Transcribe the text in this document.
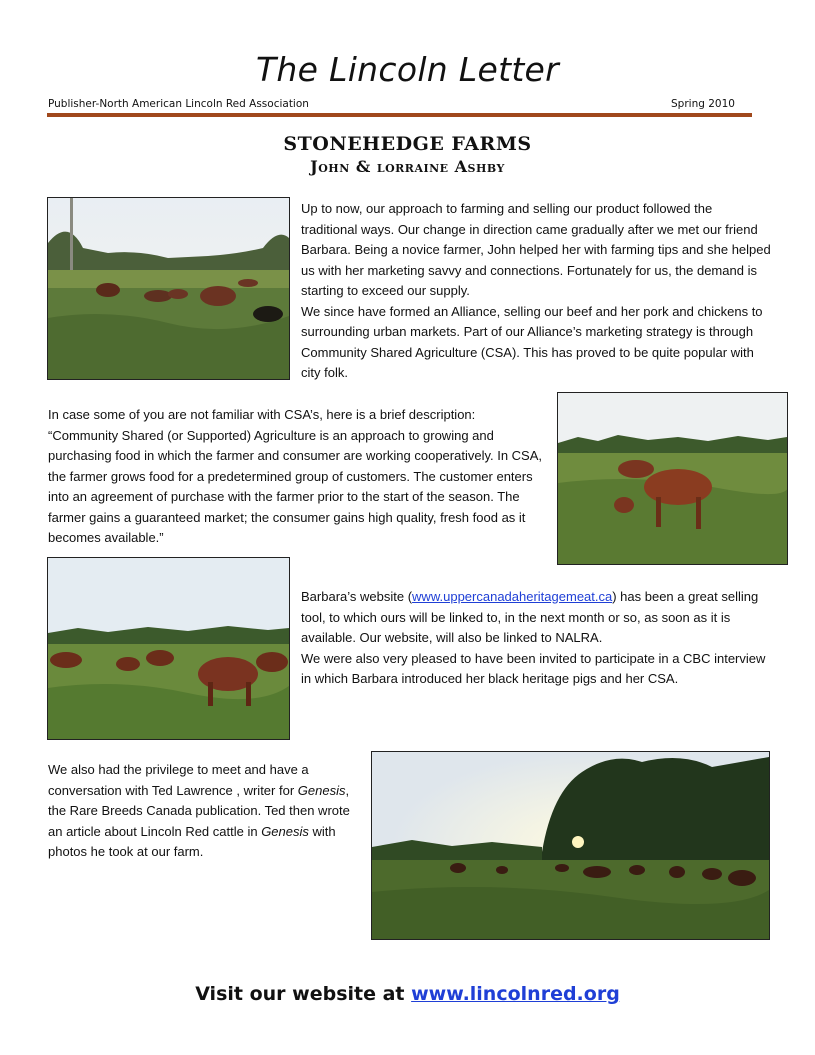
The Lincoln Letter
Publisher-North American Lincoln Red Association	Spring 2010
STONEHEDGE FARMS
John & lorraine Ashby

Up to now, our approach to farming and selling our product followed the traditional ways. Our change in direction came gradually after we met our friend Barbara. Being a novice farmer, John helped her with farming tips and she helped us with her marketing savvy and connections. Fortunately for us, the demand is starting to exceed our supply.

We since have formed an Alliance, selling our beef and her pork and chickens to surrounding urban markets. Part of our Alliance’s marketing strategy is through Community Shared Agriculture (CSA). This has proved to be quite popular with city folk.

In case some of you are not familiar with CSA’s, here is a brief description: “Community Shared (or Supported) Agriculture is an approach to growing and purchasing food in which the farmer and consumer are working cooperatively. In CSA, the farmer grows food for a predetermined group of customers. The customer enters into an agreement of purchase with the farmer prior to the start of the season. The farmer gains a guaranteed market; the consumer gains high quality, fresh food as it becomes available.”

Barbara’s website (www.uppercanadaheritagemeat.ca) has been a great selling tool, to which ours will be linked to, in the next month or so, as soon as it is available. Our website, will also be linked to NALRA.

We were also very pleased to have been invited to participate in a CBC interview in which Barbara introduced her black heritage pigs and her CSA.

We also had the privilege to meet and have a conversation with Ted Lawrence , writer for Genesis, the Rare Breeds Canada publication. Ted then wrote an article about Lincoln Red cattle in Genesis with photos he took at our farm.

Visit our website at www.lincolnred.org
